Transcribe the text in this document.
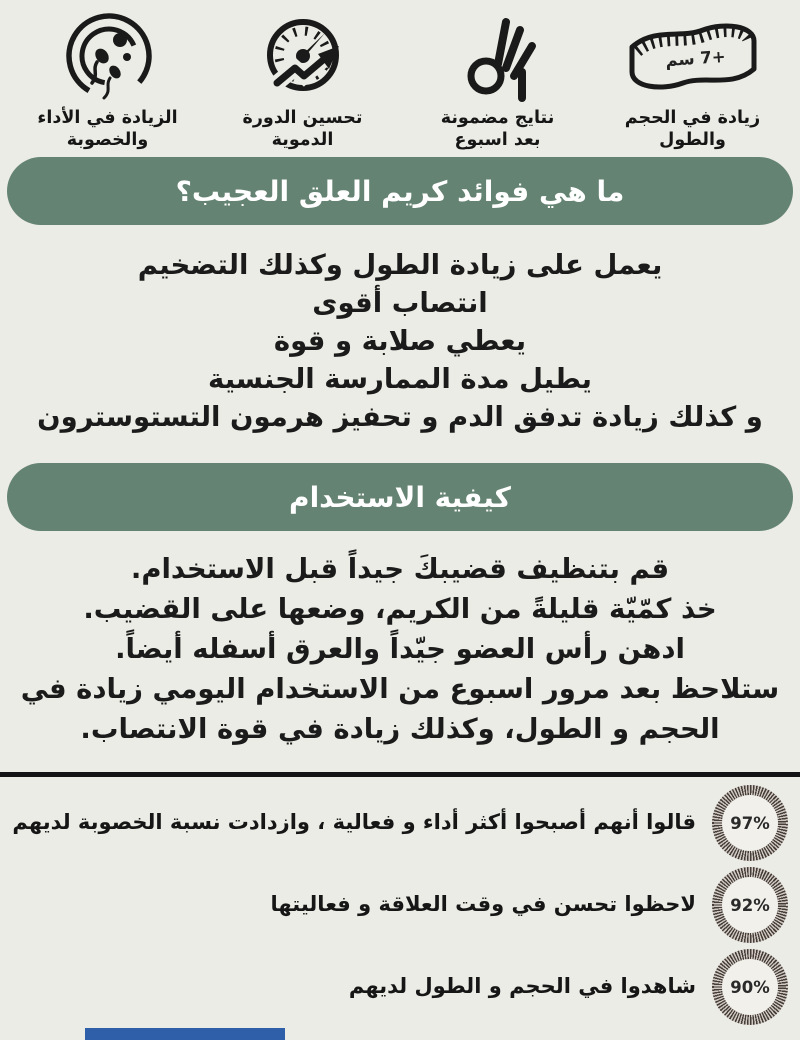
+7 سم
زيادة في الحجم
والطول
نتايج مضمونة
بعد اسبوع
تحسين الدورة
الدموية
الزيادة في الأداء
والخصوبة
ما هي فوائد كريم العلق العجيب؟
يعمل على زيادة الطول وكذلك التضخيم
انتصاب أقوى
يعطي صلابة و قوة
يطيل مدة الممارسة الجنسية
و كذلك زيادة تدفق الدم و تحفيز هرمون التستوسترون
كيفية الاستخدام
قم بتنظيف قضيبكَ جيداً قبل الاستخدام.
خذ كمّيّة قليلةً من الكريم، وضعها على القضيب.
ادهن رأس العضو جيّداً والعرق أسفله أيضاً.
ستلاحظ بعد مرور اسبوع من الاستخدام اليومي زيادة في
الحجم و الطول، وكذلك زيادة في قوة الانتصاب.
97%
قالوا أنهم أصبحوا أكثر أداء و فعالية ، وازدادت نسبة الخصوبة لديهم
92%
لاحظوا تحسن في وقت العلاقة و فعاليتها
90%
شاهدوا في الحجم و الطول لديهم
